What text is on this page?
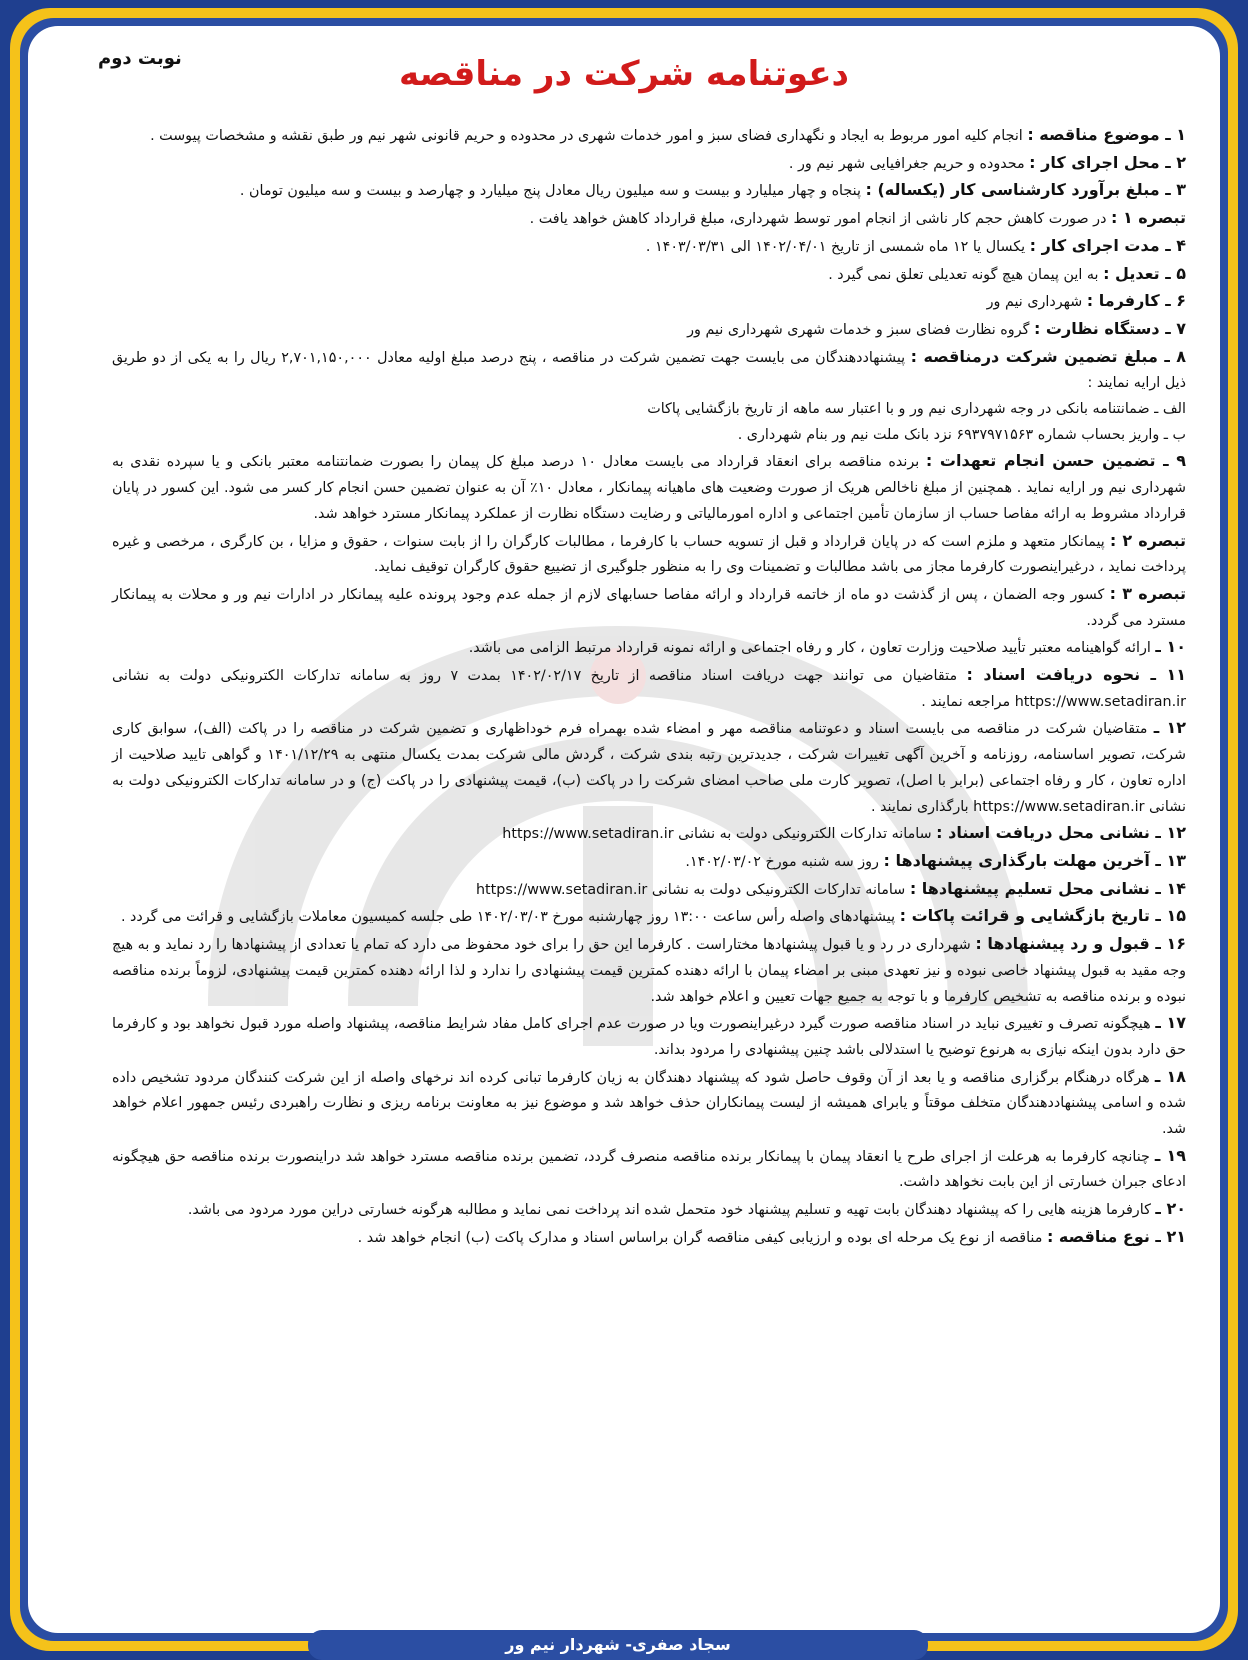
نوبت دوم	دعوتنامه شرکت در مناقصه

۱ ـ موضوع مناقصه : انجام کلیه امور مربوط به ایجاد و نگهداری فضای سبز و امور خدمات شهری در محدوده و حریم قانونی شهر نیم ور طبق نقشه و مشخصات پیوست .

۲ ـ محل اجرای کار : محدوده و حریم جغرافیایی شهر نیم ور .

۳ ـ مبلغ برآورد کارشناسی کار (یکساله) : پنجاه و چهار میلیارد و بیست و سه میلیون ریال معادل پنج میلیارد و چهارصد و بیست و سه میلیون تومان .

تبصره ۱ : در صورت کاهش حجم کار ناشی از انجام امور توسط شهرداری، مبلغ قرارداد کاهش خواهد یافت .

۴ ـ مدت اجرای کار : یکسال یا ۱۲ ماه شمسی از تاریخ ۱۴۰۲/۰۴/۰۱ الی ۱۴۰۳/۰۳/۳۱ .

۵ ـ تعدیل : به این پیمان هیچ گونه تعدیلی تعلق نمی گیرد .

۶ ـ کارفرما : شهرداری نیم ور

۷ ـ دستگاه نظارت : گروه نظارت فضای سبز و خدمات شهری شهرداری نیم ور

۸ ـ مبلغ تضمین شرکت درمناقصه : پیشنهاددهندگان می بایست جهت تضمین شرکت در مناقصه ، پنج درصد مبلغ اولیه معادل ۲,۷۰۱,۱۵۰,۰۰۰ ریال را به یکی از دو طریق ذیل ارایه نمایند :

الف ـ ضمانتنامه بانکی در وجه شهرداری نیم ور و با اعتبار سه ماهه از تاریخ بازگشایی پاکات

ب ـ واریز بحساب شماره ۶۹۳۷۹۷۱۵۶۳ نزد بانک ملت نیم ور بنام شهرداری .

۹ ـ تضمین حسن انجام تعهدات : برنده مناقصه برای انعقاد قرارداد می بایست معادل ۱۰ درصد مبلغ کل پیمان را بصورت ضمانتنامه معتبر بانکی و یا سپرده نقدی به شهرداری نیم ور ارایه نماید . همچنین از مبلغ ناخالص هریک از صورت وضعیت های ماهیانه پیمانکار ، معادل ۱۰٪ آن به عنوان تضمین حسن انجام کار کسر می شود. این کسور در پایان قرارداد مشروط به ارائه مفاصا حساب از سازمان تأمین اجتماعی و اداره امورمالیاتی و رضایت دستگاه نظارت از عملکرد پیمانکار مسترد خواهد شد.

تبصره ۲ : پیمانکار متعهد و ملزم است که در پایان قرارداد و قبل از تسویه حساب با کارفرما ، مطالبات کارگران را از بابت سنوات ، حقوق و مزایا ، بن کارگری ، مرخصی و غیره پرداخت نماید ، درغیراینصورت کارفرما مجاز می باشد مطالبات و تضمینات وی را به منظور جلوگیری از تضییع حقوق کارگران توقیف نماید.

تبصره ۳ : کسور وجه الضمان ، پس از گذشت دو ماه از خاتمه قرارداد و ارائه مفاصا حسابهای لازم از جمله عدم وجود پرونده علیه پیمانکار در ادارات نیم ور و محلات به پیمانکار مسترد می گردد.

۱۰ ـ ارائه گواهینامه معتبر تأیید صلاحیت وزارت تعاون ، کار و رفاه اجتماعی و ارائه نمونه قرارداد مرتبط الزامی می باشد.

۱۱ ـ نحوه دریافت اسناد : متقاضیان می توانند جهت دریافت اسناد مناقصه از تاریخ ۱۴۰۲/۰۲/۱۷ بمدت ۷ روز به سامانه تدارکات الکترونیکی دولت به نشانی https://www.setadiran.ir مراجعه نمایند .

۱۲ ـ متقاضیان شرکت در مناقصه می بایست اسناد و دعوتنامه مناقصه مهر و امضاء شده بهمراه فرم خوداظهاری و تضمین شرکت در مناقصه را در پاکت (الف)، سوابق کاری شرکت، تصویر اساسنامه، روزنامه و آخرین آگهی تغییرات شرکت ، جدیدترین رتبه بندی شرکت ، گردش مالی شرکت بمدت یکسال منتهی به ۱۴۰۱/۱۲/۲۹ و گواهی تایید صلاحیت از اداره تعاون ، کار و رفاه اجتماعی (برابر با اصل)، تصویر کارت ملی صاحب امضای شرکت را در پاکت (ب)، قیمت پیشنهادی را در پاکت (ج) و در سامانه تدارکات الکترونیکی دولت به نشانی https://www.setadiran.ir بارگذاری نمایند .

۱۲ ـ نشانی محل دریافت اسناد : سامانه تدارکات الکترونیکی دولت به نشانی https://www.setadiran.ir

۱۳ ـ آخرین مهلت بارگذاری پیشنهادها : روز سه شنبه مورخ ۱۴۰۲/۰۳/۰۲.

۱۴ ـ نشانی محل تسلیم پیشنهادها : سامانه تدارکات الکترونیکی دولت به نشانی https://www.setadiran.ir

۱۵ ـ تاریخ بازگشایی و قرائت پاکات : پیشنهادهای واصله رأس ساعت ۱۳:۰۰ روز چهارشنبه مورخ ۱۴۰۲/۰۳/۰۳ طی جلسه کمیسیون معاملات بازگشایی و قرائت می گردد .

۱۶ ـ قبول و رد پیشنهادها : شهرداری در رد و یا قبول پیشنهادها مختاراست . کارفرما این حق را برای خود محفوظ می دارد که تمام یا تعدادی از پیشنهادها را رد نماید و به هیچ وجه مقید به قبول پیشنهاد خاصی نبوده و نیز تعهدی مبنی بر امضاء پیمان با ارائه دهنده کمترین قیمت پیشنهادی را ندارد و لذا ارائه دهنده کمترین قیمت پیشنهادی، لزوماً برنده مناقصه نبوده و برنده مناقصه به تشخیص کارفرما و با توجه به جمیع جهات تعیین و اعلام خواهد شد.

۱۷ ـ هیچگونه تصرف و تغییری نباید در اسناد مناقصه صورت گیرد درغیراینصورت ویا در صورت عدم اجرای کامل مفاد شرایط مناقصه، پیشنهاد واصله مورد قبول نخواهد بود و کارفرما حق دارد بدون اینکه نیازی به هرنوع توضیح یا استدلالی باشد چنین پیشنهادی را مردود بداند.

۱۸ ـ هرگاه درهنگام برگزاری مناقصه و یا بعد از آن وقوف حاصل شود که پیشنهاد دهندگان به زیان کارفرما تبانی کرده اند نرخهای واصله از این شرکت کنندگان مردود تشخیص داده شده و اسامی پیشنهاددهندگان متخلف موقتاً و یابرای همیشه از لیست پیمانکاران حذف خواهد شد و موضوع نیز به معاونت برنامه ریزی و نظارت راهبردی رئیس جمهور اعلام خواهد شد.

۱۹ ـ چنانچه کارفرما به هرعلت از اجرای طرح یا انعقاد پیمان با پیمانکار برنده مناقصه منصرف گردد، تضمین برنده مناقصه مسترد خواهد شد دراینصورت برنده مناقصه حق هیچگونه ادعای جبران خسارتی از این بابت نخواهد داشت.

۲۰ ـ کارفرما هزینه هایی را که پیشنهاد دهندگان بابت تهیه و تسلیم پیشنهاد خود متحمل شده اند پرداخت نمی نماید و مطالبه هرگونه خسارتی دراین مورد مردود می باشد.

۲۱ ـ نوع مناقصه : مناقصه از نوع یک مرحله ای بوده و ارزیابی کیفی مناقصه گران براساس اسناد و مدارک پاکت (ب) انجام خواهد شد .

سجاد صفری- شهردار نیم ور
